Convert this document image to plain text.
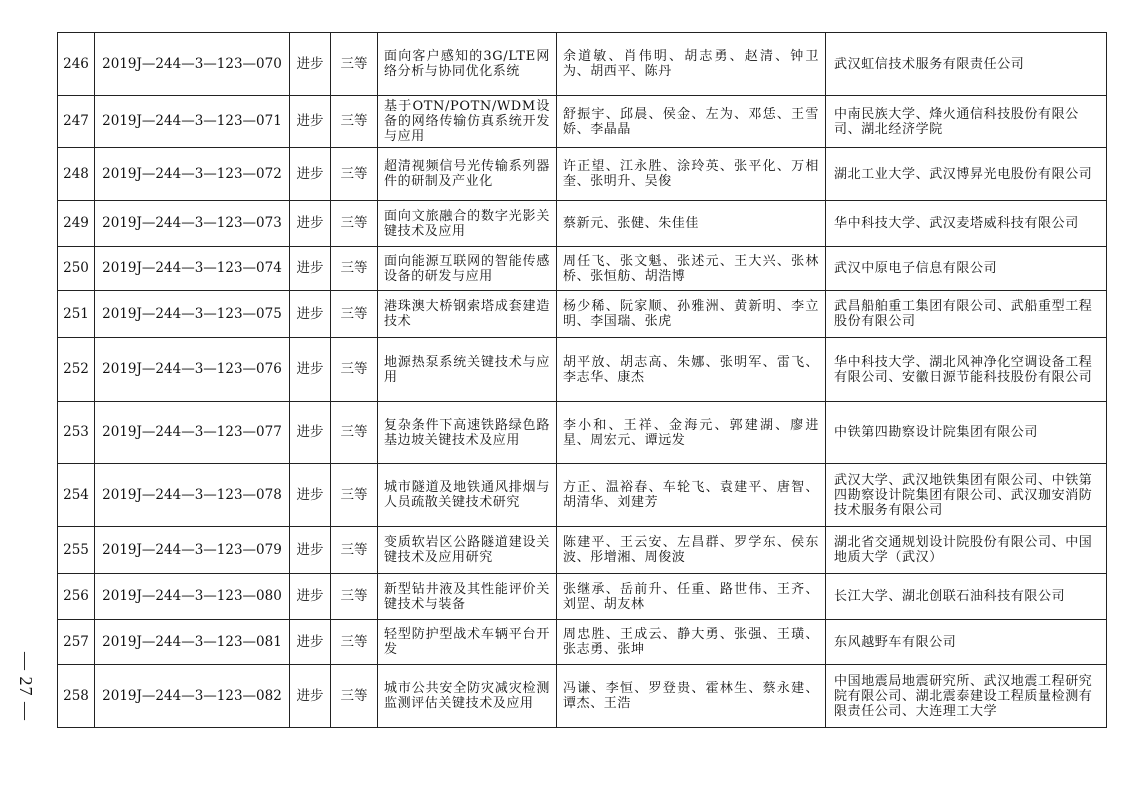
— 27 —
246	2019J—244—3—123—070	进步	三等	面向客户感知的3G/LTE网络分析与协同优化系统	余道敏、肖伟明、胡志勇、赵清、钟卫为、胡西平、陈丹	武汉虹信技术服务有限责任公司
247	2019J—244—3—123—071	进步	三等	基于OTN/POTN/WDM设备的网络传输仿真系统开发与应用	舒振宇、邱晨、侯金、左为、邓恁、王雪娇、李晶晶	中南民族大学、烽火通信科技股份有限公司、湖北经济学院
248	2019J—244—3—123—072	进步	三等	超清视频信号光传输系列器件的研制及产业化	许正望、江永胜、涂玲英、张平化、万相奎、张明升、吴俊	湖北工业大学、武汉博昇光电股份有限公司
249	2019J—244—3—123—073	进步	三等	面向文旅融合的数字光影关键技术及应用	蔡新元、张健、朱佳佳	华中科技大学、武汉麦塔威科技有限公司
250	2019J—244—3—123—074	进步	三等	面向能源互联网的智能传感设备的研发与应用	周任飞、张文魁、张述元、王大兴、张林桥、张恒舫、胡浩博	武汉中原电子信息有限公司
251	2019J—244—3—123—075	进步	三等	港珠澳大桥钢索塔成套建造技术	杨少稀、阮家顺、孙雅洲、黄新明、李立明、李国瑞、张虎	武昌船舶重工集团有限公司、武船重型工程股份有限公司
252	2019J—244—3—123—076	进步	三等	地源热泵系统关键技术与应用	胡平放、胡志高、朱娜、张明军、雷飞、李志华、康杰	华中科技大学、湖北风神净化空调设备工程有限公司、安徽日源节能科技股份有限公司
253	2019J—244—3—123—077	进步	三等	复杂条件下高速铁路绿色路基边坡关键技术及应用	李小和、王祥、金海元、郭建湖、廖进星、周宏元、谭远发	中铁第四勘察设计院集团有限公司
254	2019J—244—3—123—078	进步	三等	城市隧道及地铁通风排烟与人员疏散关键技术研究	方正、温裕春、车轮飞、袁建平、唐智、胡清华、刘建芳	武汉大学、武汉地铁集团有限公司、中铁第四勘察设计院集团有限公司、武汉珈安消防技术服务有限公司
255	2019J—244—3—123—079	进步	三等	变质软岩区公路隧道建设关键技术及应用研究	陈建平、王云安、左昌群、罗学东、侯东波、彤增湘、周俊波	湖北省交通规划设计院股份有限公司、中国地质大学（武汉）
256	2019J—244—3—123—080	进步	三等	新型钻井液及其性能评价关键技术与装备	张继承、岳前升、任重、路世伟、王齐、刘罡、胡友林	长江大学、湖北创联石油科技有限公司
257	2019J—244—3—123—081	进步	三等	轻型防护型战术车辆平台开发	周忠胜、王成云、静大勇、张强、王璜、张志勇、张坤	东风越野车有限公司
258	2019J—244—3—123—082	进步	三等	城市公共安全防灾减灾检测监测评估关键技术及应用	冯谦、李恒、罗登贵、霍林生、蔡永建、谭杰、王浩	中国地震局地震研究所、武汉地震工程研究院有限公司、湖北震泰建设工程质量检测有限责任公司、大连理工大学
